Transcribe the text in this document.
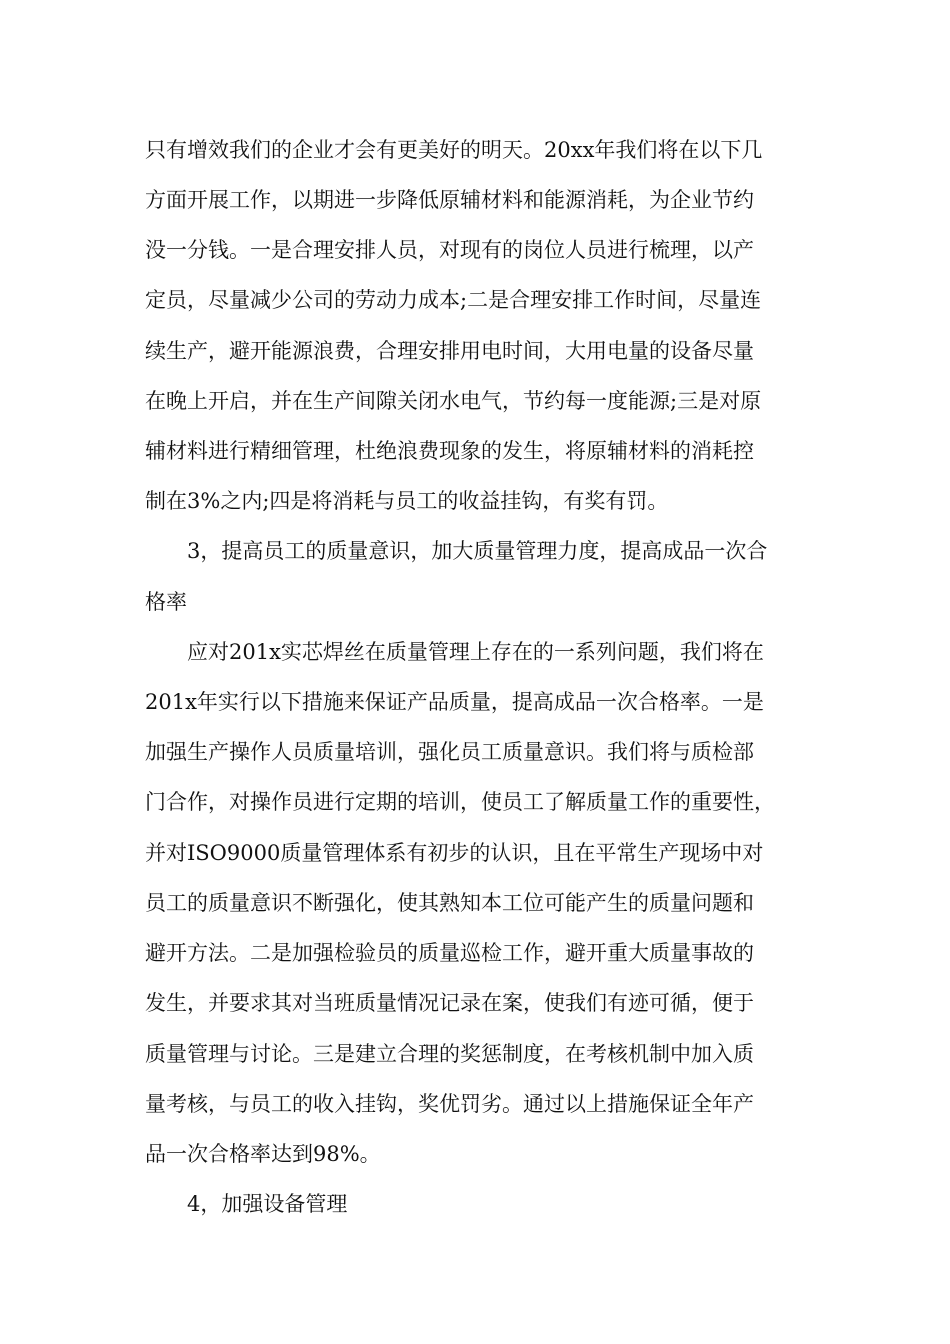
只有增效我们的企业才会有更美好的明天。20xx年我们将在以下几
方面开展工作，以期进一步降低原辅材料和能源消耗，为企业节约
没一分钱。一是合理安排人员，对现有的岗位人员进行梳理，以产
定员，尽量减少公司的劳动力成本;二是合理安排工作时间，尽量连
续生产，避开能源浪费，合理安排用电时间，大用电量的设备尽量
在晚上开启，并在生产间隙关闭水电气，节约每一度能源;三是对原
辅材料进行精细管理，杜绝浪费现象的发生，将原辅材料的消耗控
制在3%之内;四是将消耗与员工的收益挂钩，有奖有罚。
3，提高员工的质量意识，加大质量管理力度，提高成品一次合
格率
应对201x实芯焊丝在质量管理上存在的一系列问题，我们将在
201x年实行以下措施来保证产品质量，提高成品一次合格率。一是
加强生产操作人员质量培训，强化员工质量意识。我们将与质检部
门合作，对操作员进行定期的培训，使员工了解质量工作的重要性，
并对ISO9000质量管理体系有初步的认识，且在平常生产现场中对
员工的质量意识不断强化，使其熟知本工位可能产生的质量问题和
避开方法。二是加强检验员的质量巡检工作，避开重大质量事故的
发生，并要求其对当班质量情况记录在案，使我们有迹可循，便于
质量管理与讨论。三是建立合理的奖惩制度，在考核机制中加入质
量考核，与员工的收入挂钩，奖优罚劣。通过以上措施保证全年产
品一次合格率达到98%。
4，加强设备管理
